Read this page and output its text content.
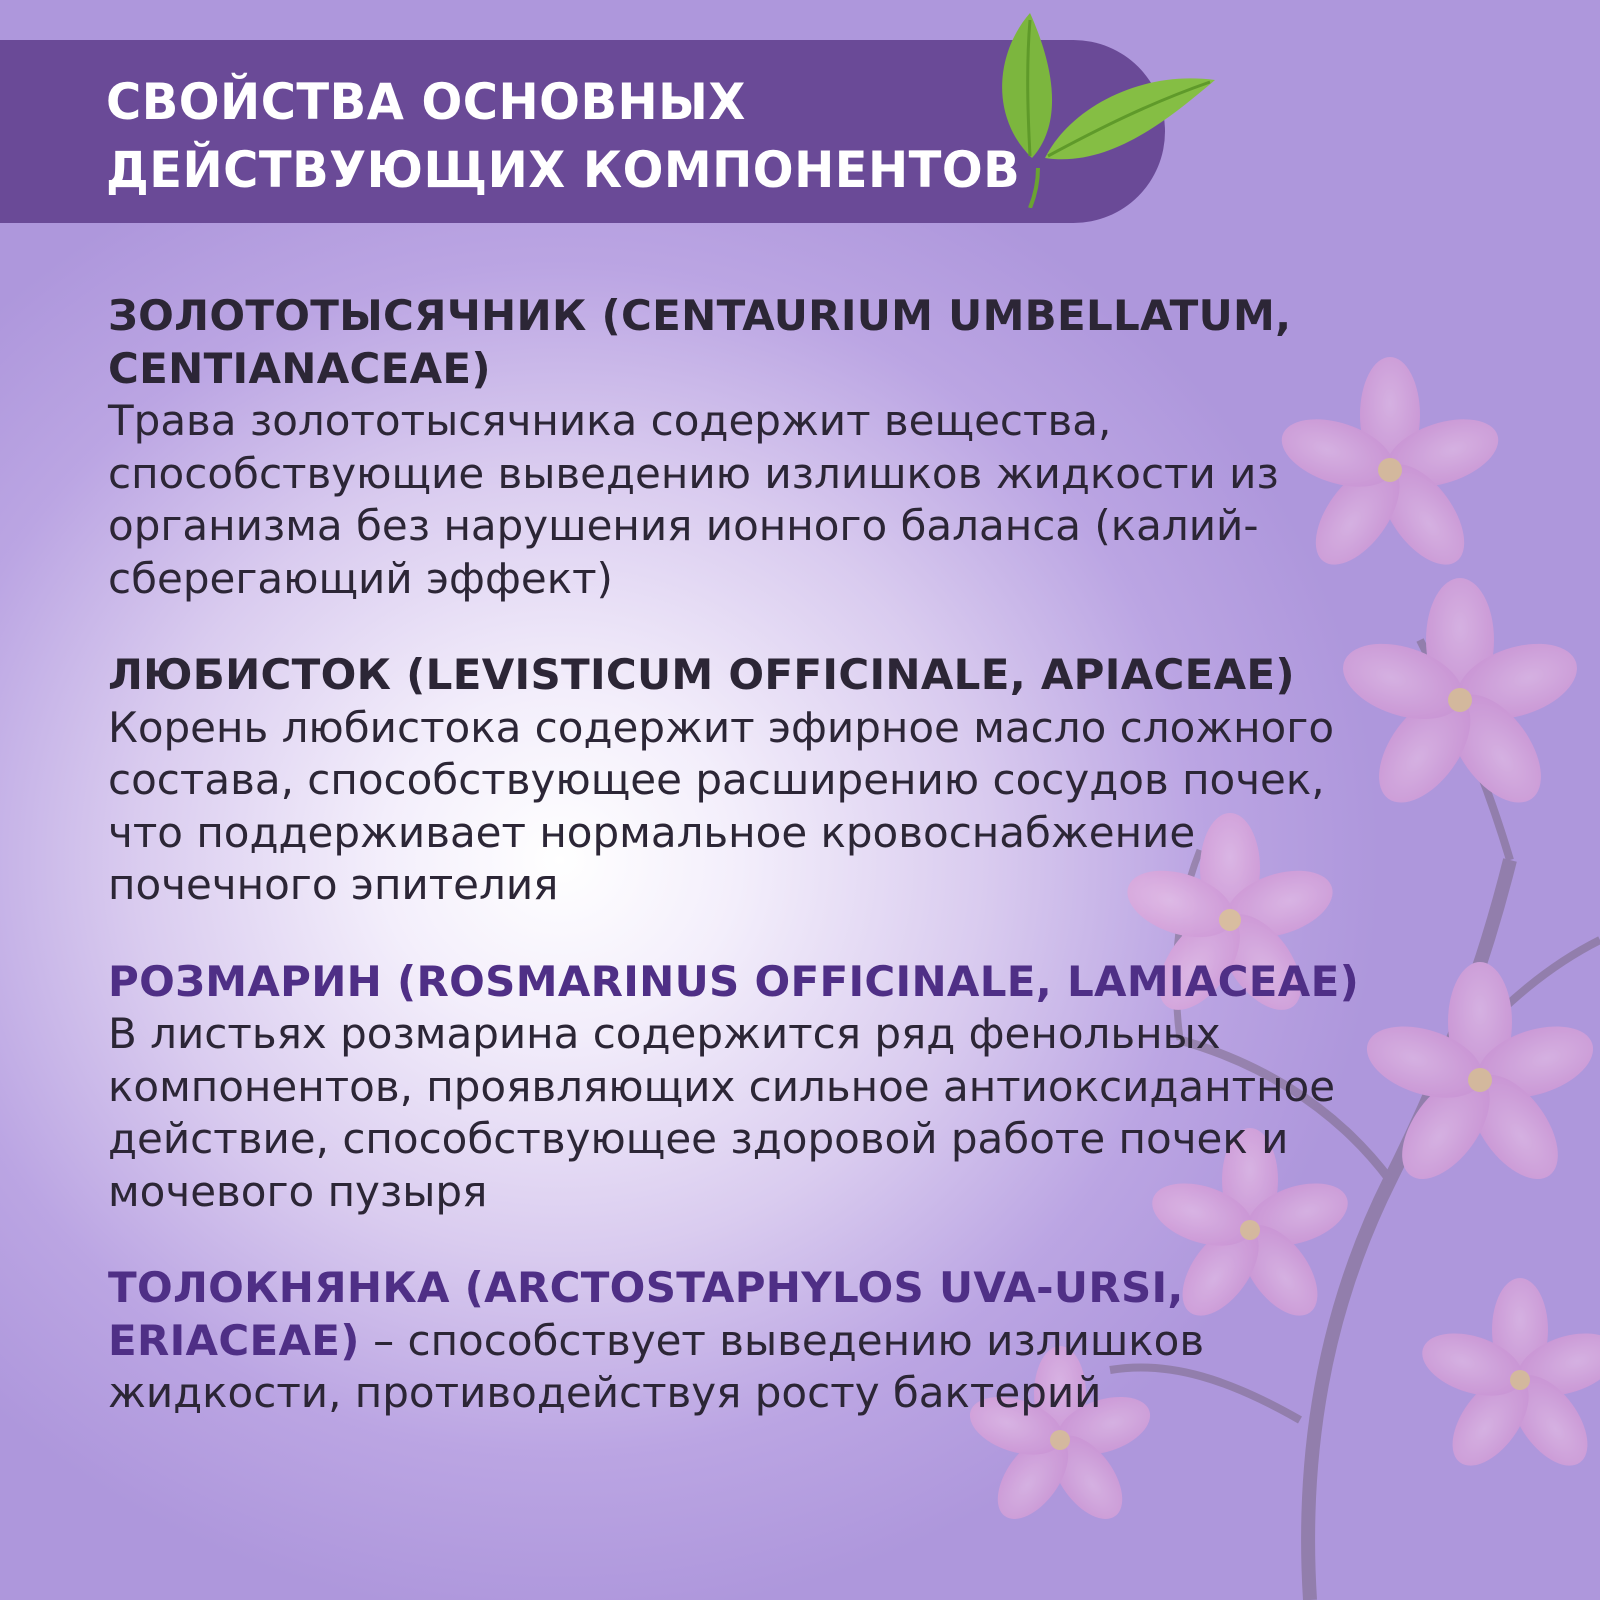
СВОЙСТВА ОСНОВНЫХ
ДЕЙСТВУЮЩИХ КОМПОНЕНТОВ

ЗОЛОТОТЫСЯЧНИК (CENTAURIUM UMBELLATUM, CENTIANACEAE)

Трава золототысячника содержит вещества, способствующие выведению излишков жидкости из организма без нарушения ионного баланса (калий-сберегающий эффект)

ЛЮБИСТОК (LEVISTICUM OFFICINALE, APIACEAE)

Корень любистока содержит эфирное масло сложного состава, способствующее расширению сосудов почек, что поддерживает нормальное кровоснабжение почечного эпителия

РОЗМАРИН (ROSMARINUS OFFICINALE, LAMIACEAE) В листьях розмарина содержится ряд фенольных компонентов, проявляющих сильное антиоксидантное действие, способствующее здоровой работе почек и мочевого пузыря

ТОЛОКНЯНКА (ARCTOSTAPHYLOS UVA-URSI, ERIACEAE) – способствует выведению излишков жидкости, противодействуя росту бактерий
